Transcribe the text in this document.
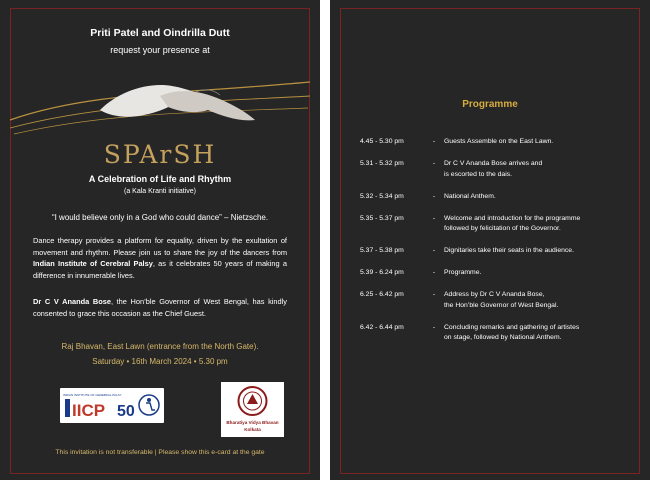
Priti Patel and Oindrilla Dutt
request your presence at
SPArSH
A Celebration of Life and Rhythm
(a Kala Kranti initiative)
“I would believe only in a God who could dance” – Nietzsche.
Dance therapy provides a platform for equality, driven by the exultation of movement and rhythm. Please join us to share the joy of the dancers from Indian Institute of Cerebral Palsy, as it celebrates 50 years of making a difference in innumerable lives.
Dr C V Ananda Bose, the Hon’ble Governor of West Bengal, has kindly consented to grace this occasion as the Chief Guest.
Raj Bhavan, East Lawn (entrance from the North Gate).
Saturday • 16th March 2024 • 5.30 pm
INDIAN INSTITUTE OF CEREBRAL PALSY
IICP 50
Bharatiya Vidya Bhavan
Kolkata
This invitation is not transferable | Please show this e-card at the gate
Programme
4.45 - 5.30 pm	-	Guests Assemble on the East Lawn.
5.31 - 5.32 pm	-	Dr C V Ananda Bose arrives and
is escorted to the dais.
5.32 - 5.34 pm	-	National Anthem.
5.35 - 5.37 pm	-	Welcome and introduction for the programme
followed by felicitation of the Governor.
5.37 - 5.38 pm	-	Dignitaries take their seats in the audience.
5.39 - 6.24 pm	-	Programme.
6.25 - 6.42 pm	-	Address by Dr C V Ananda Bose,
the Hon’ble Governor of West Bengal.
6.42 - 6.44 pm	-	Concluding remarks and gathering of artistes
on stage, followed by National Anthem.
